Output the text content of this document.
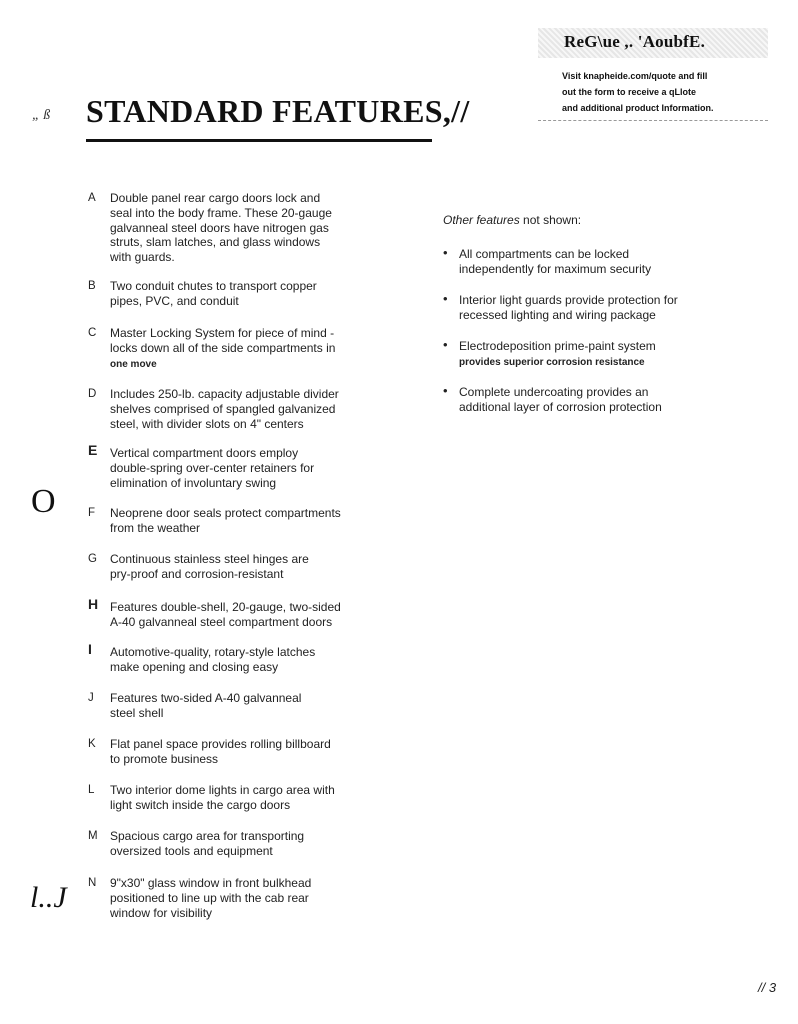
ReG\ue ,. 'AoubfE.
Visit knapheide.com/quote and fill
out the form to receive a qLlote
and additional product Information.
„ ß STANDARD FEATURES,//
O
l..J
A	Double panel rear cargo doors lock and
seal into the body frame. These 20-gauge
galvanneal steel doors have nitrogen gas
struts, slam latches, and glass windows
with guards.
B	Two conduit chutes to transport copper
pipes, PVC, and conduit
C	Master Locking System for piece of mind -
locks down all of the side compartments in
one move
D	Includes 250-lb. capacity adjustable divider
shelves comprised of spangled galvanized
steel, with divider slots on 4" centers
E	Vertical compartment doors employ
double-spring over-center retainers for
elimination of involuntary swing
F	Neoprene door seals protect compartments
from the weather
G	Continuous stainless steel hinges are
pry-proof and corrosion-resistant
H Features double-shell, 20-gauge, two-sided
A-40 galvanneal steel compartment doors
I	Automotive-quality, rotary-style latches
make opening and closing easy
J	Features two-sided A-40 galvanneal
steel shell
K	Flat panel space provides rolling billboard
to promote business
L	Two interior dome lights in cargo area with
light switch inside the cargo doors
M	Spacious cargo area for transporting
oversized tools and equipment
N	9"x30" glass window in front bulkhead
positioned to line up with the cab rear
window for visibility
Other features not shown:
• All compartments can be locked
independently for maximum security
• Interior light guards provide protection for
recessed lighting and wiring package
• Electrodeposition prime-paint system
provides superior corrosion resistance
• Complete undercoating provides an
additional layer of corrosion protection
// 3
